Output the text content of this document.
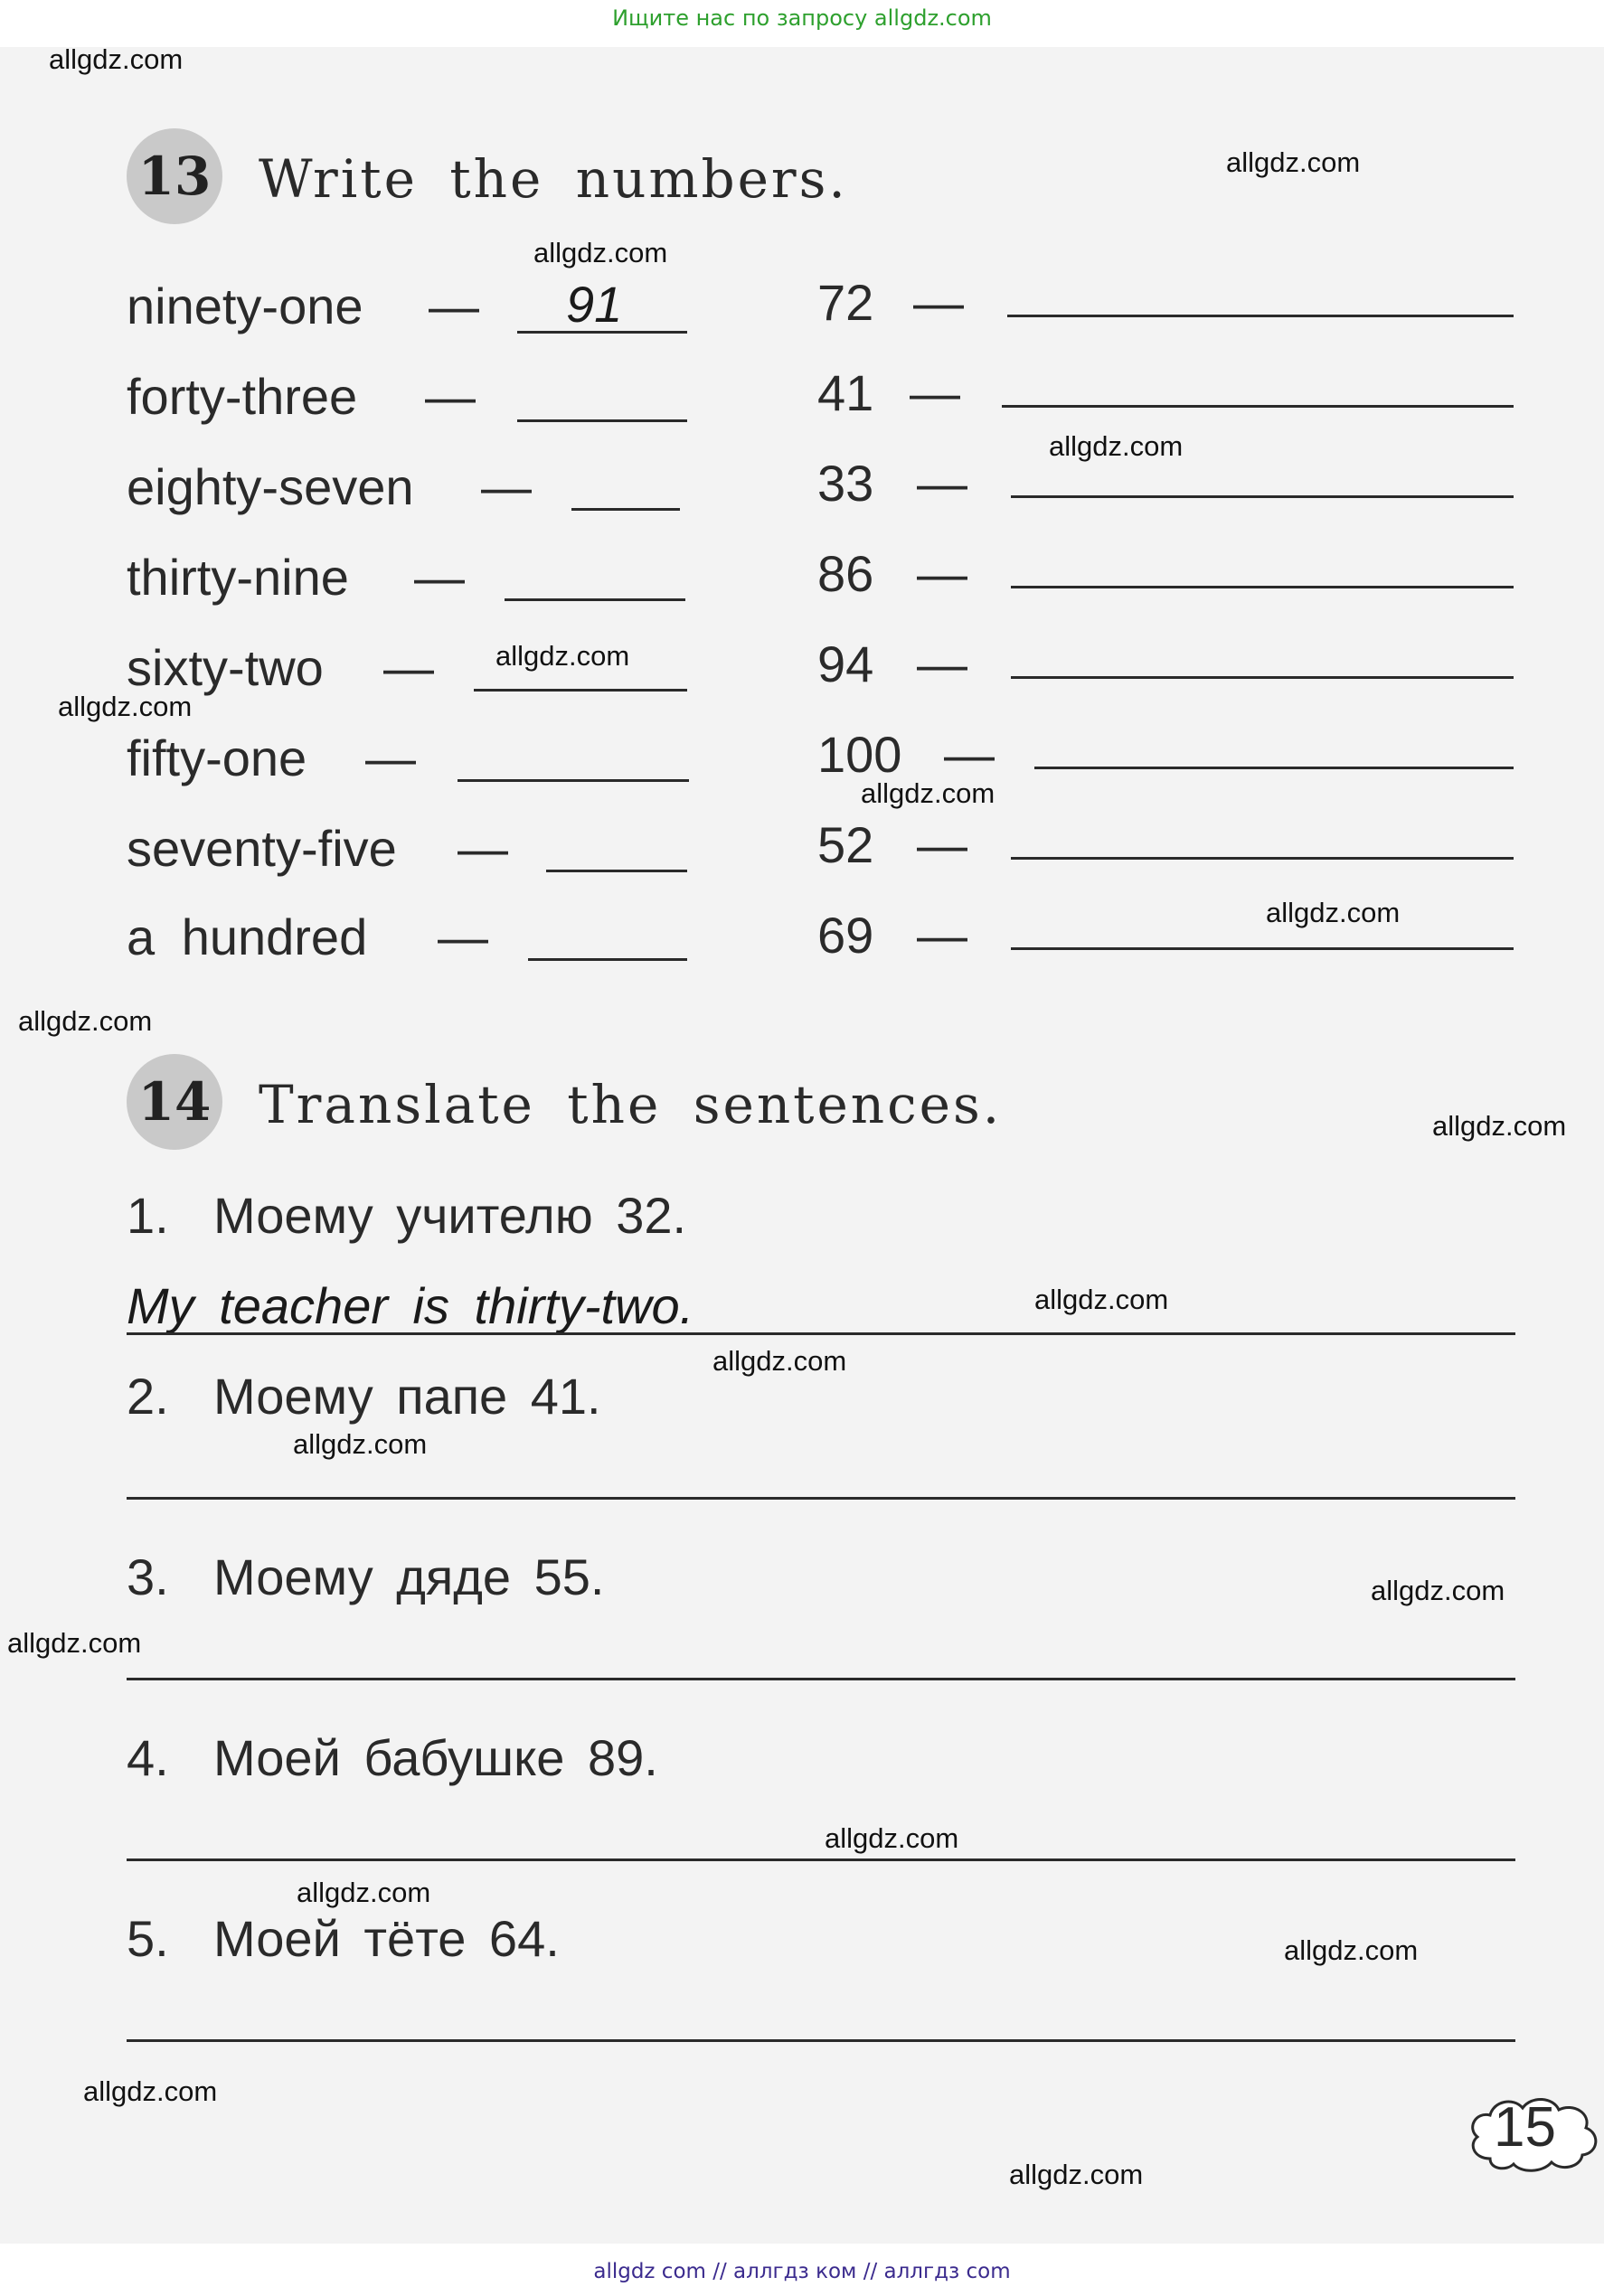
Ищите нас по запросу allgdz.com
13 Write the numbers.
ninety-one — 91
forty-three —
eighty-seven —
thirty-nine —
sixty-two —
fifty-one —
seventy-five —
a hundred —
72 —
41 —
33 —
86 —
94 —
100 —
52 —
69 —
14 Translate the sentences.
1. Моему учителю 32.
My teacher is thirty-two.
2. Моему папе 41.
3. Моему дяде 55.
4. Моей бабушке 89.
5. Моей тёте 64.
15
allgdz.com
allgdz.com
allgdz.com
allgdz.com
allgdz.com
allgdz.com
allgdz.com
allgdz.com
allgdz.com
allgdz.com
allgdz.com
allgdz.com
allgdz.com
allgdz.com
allgdz.com
allgdz.com
allgdz.com
allgdz.com
allgdz.com
allgdz.com
allgdz com // аллгдз ком // аллгдз com
